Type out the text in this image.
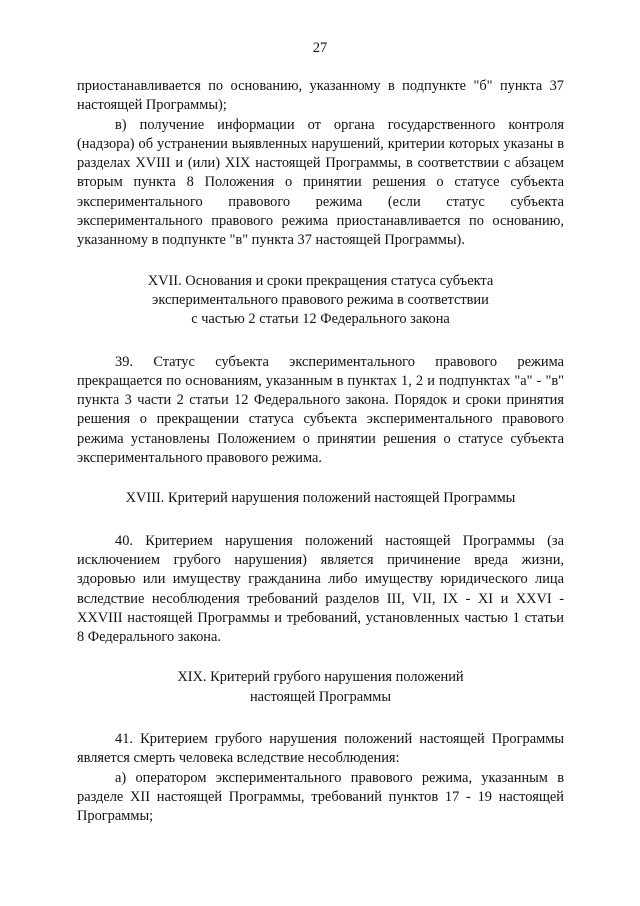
27

приостанавливается по основанию, указанному в подпункте "б" пункта 37 настоящей Программы);

в) получение информации от органа государственного контроля (надзора) об устранении выявленных нарушений, критерии которых указаны в разделах XVIII и (или) XIX настоящей Программы, в соответствии с абзацем вторым пункта 8 Положения о принятии решения о статусе субъекта экспериментального правового режима (если статус субъекта экспериментального правового режима приостанавливается по основанию, указанному в подпункте "в" пункта 37 настоящей Программы).

XVII. Основания и сроки прекращения статуса субъекта
экспериментального правового режима в соответствии
с частью 2 статьи 12 Федерального закона

39. Статус субъекта экспериментального правового режима прекращается по основаниям, указанным в пунктах 1, 2 и подпунктах "а" - "в" пункта 3 части 2 статьи 12 Федерального закона. Порядок и сроки принятия решения о прекращении статуса субъекта экспериментального правового режима установлены Положением о принятии решения о статусе субъекта экспериментального правового режима.

XVIII. Критерий нарушения положений настоящей Программы

40. Критерием нарушения положений настоящей Программы (за исключением грубого нарушения) является причинение вреда жизни, здоровью или имуществу гражданина либо имуществу юридического лица вследствие несоблюдения требований разделов III, VII, IX - XI и XXVI - XXVIII настоящей Программы и требований, установленных частью 1 статьи 8 Федерального закона.

XIX. Критерий грубого нарушения положений
настоящей Программы

41. Критерием грубого нарушения положений настоящей Программы является смерть человека вследствие несоблюдения:

а) оператором экспериментального правового режима, указанным в разделе XII настоящей Программы, требований пунктов 17 - 19 настоящей Программы;
